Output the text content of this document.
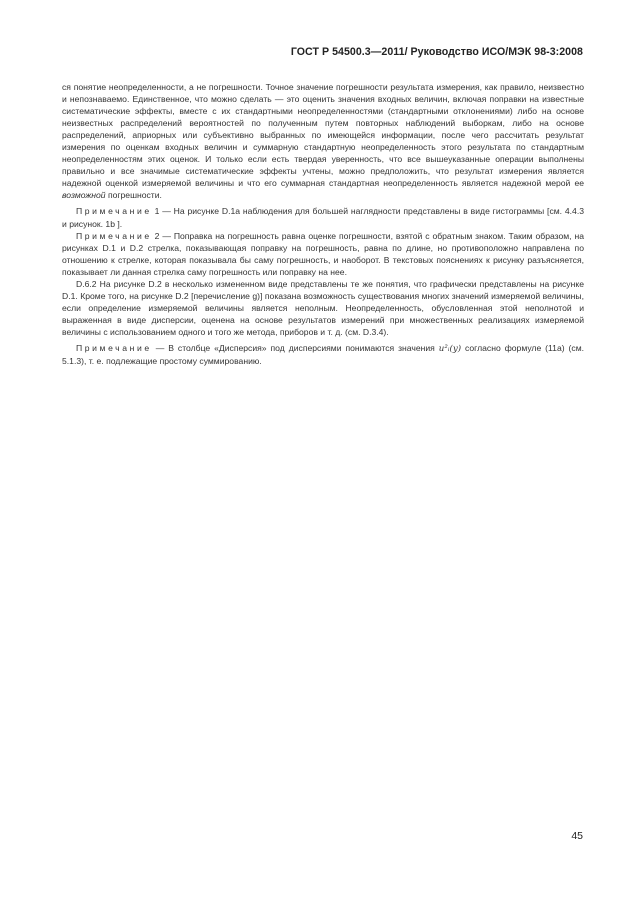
ГОСТ Р 54500.3—2011/ Руководство ИСО/МЭК 98-3:2008

ся понятие неопределенности, а не погрешности. Точное значение погрешности результата измерения, как правило, неизвестно и непознаваемо. Единственное, что можно сделать — это оценить значения входных величин, включая поправки на известные систематические эффекты, вместе с их стандартными неопределенностями (стандартными отклонениями) либо на основе неизвестных распределений вероятностей по полученным путем повторных наблюдений выборкам, либо на основе распределений, априорных или субъективно выбранных по имеющейся информации, после чего рассчитать результат измерения по оценкам входных величин и суммарную стандартную неопределенность этого результата по стандартным неопределенностям этих оценок. И только если есть твердая уверенность, что все вышеуказанные операции выполнены правильно и все значимые систематические эффекты учтены, можно предположить, что результат измерения является надежной оценкой измеряемой величины и что его суммарная стандартная неопределенность является надежной мерой ее возможной погрешности.

Примечание 1 — На рисунке D.1a наблюдения для большей наглядности представлены в виде гистограммы [см. 4.4.3 и рисунок. 1b ].

Примечание 2 — Поправка на погрешность равна оценке погрешности, взятой с обратным знаком. Таким образом, на рисунках D.1 и D.2 стрелка, показывающая поправку на погрешность, равна по длине, но противоположно направлена по отношению к стрелке, которая показывала бы саму погрешность, и наоборот. В текстовых пояснениях к рисунку разъясняется, показывает ли данная стрелка саму погрешность или поправку на нее.

D.6.2 На рисунке D.2 в несколько измененном виде представлены те же понятия, что графически представлены на рисунке D.1. Кроме того, на рисунке D.2 [перечисление g)] показана возможность существования многих значений измеряемой величины, если определение измеряемой величины является неполным. Неопределенность, обусловленная этой неполнотой и выраженная в виде дисперсии, оценена на основе результатов измерений при множественных реализациях измеряемой величины с использованием одного и того же метода, приборов и т. д. (см. D.3.4).

Примечание — В столбце «Дисперсия» под дисперсиями понимаются значения u²ᵢ(y) согласно формуле (11а) (см. 5.1.3), т. е. подлежащие простому суммированию.

45
